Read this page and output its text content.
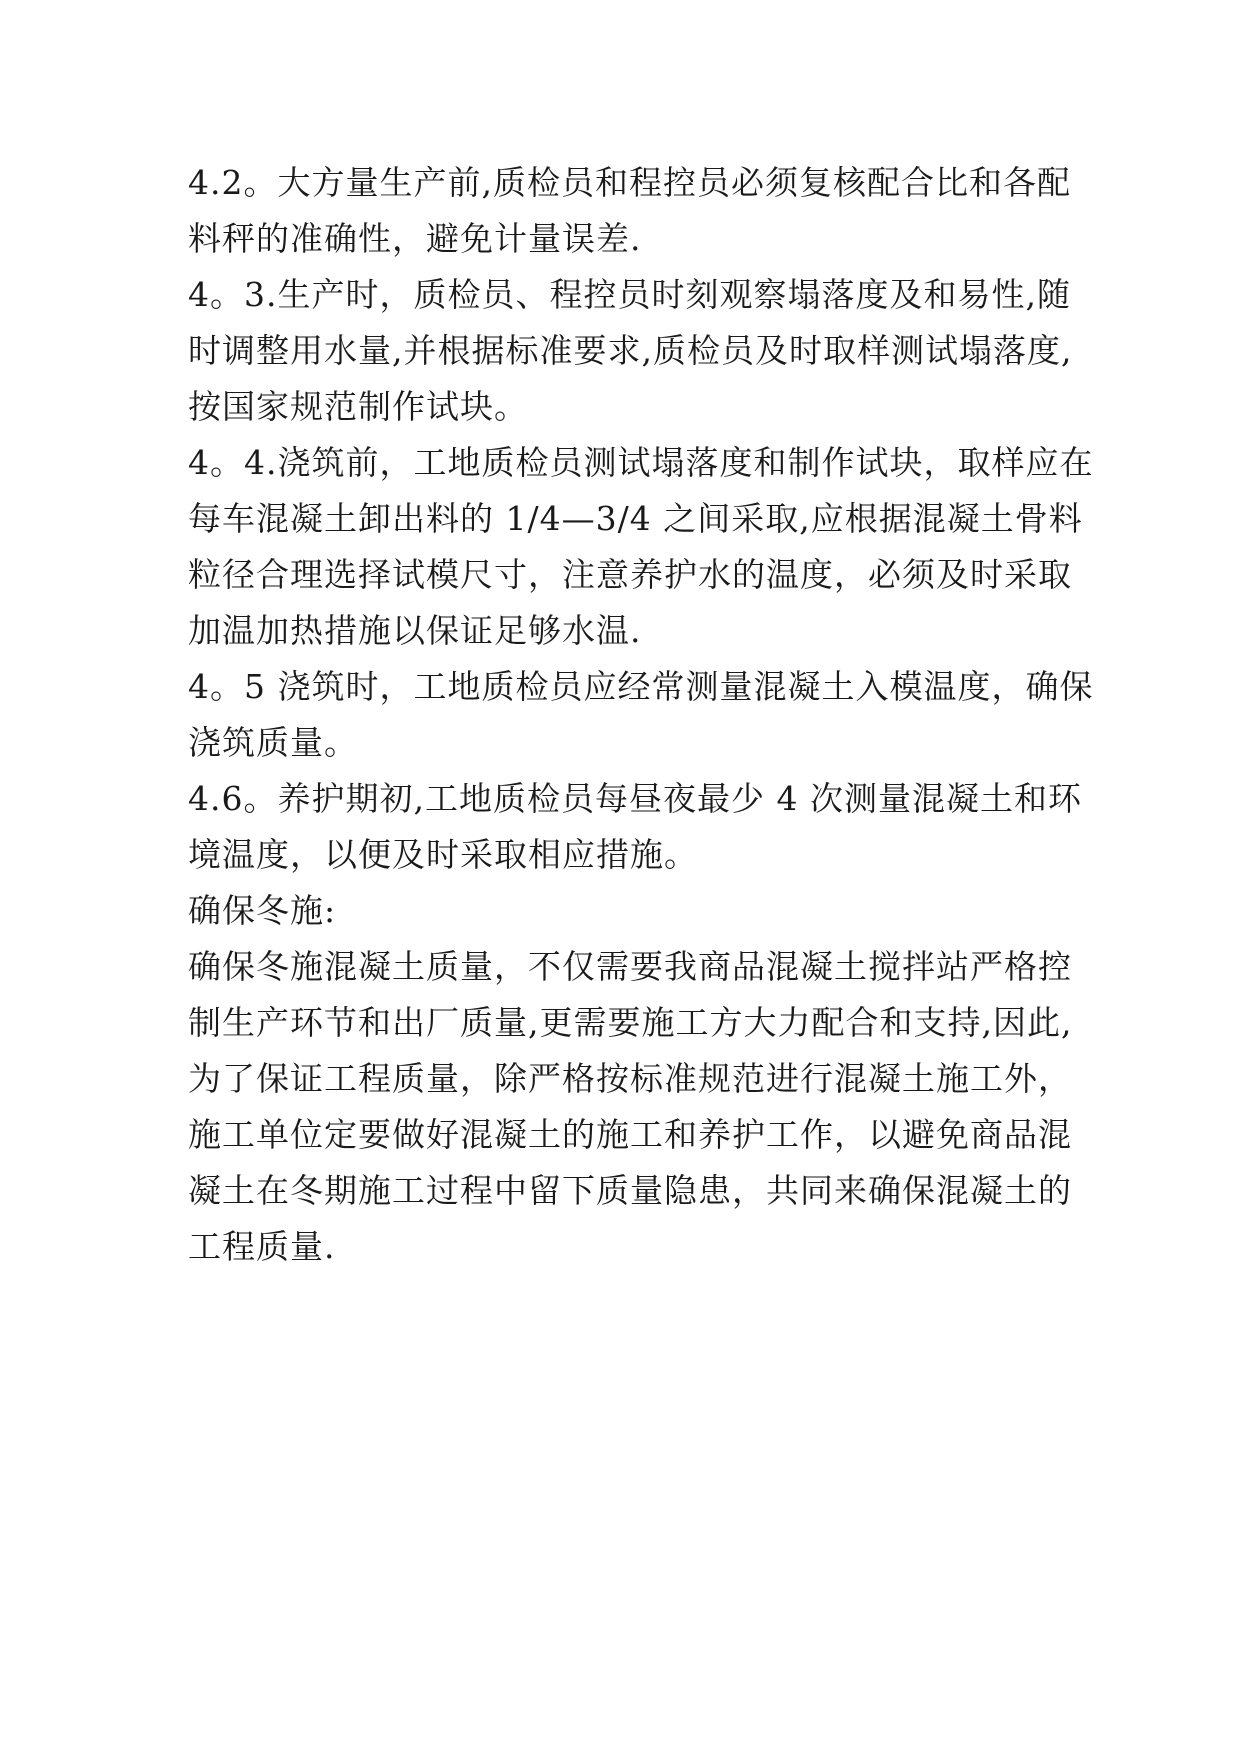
4.2。大方量生产前,质检员和程控员必须复核配合比和各配
料秤的准确性，避免计量误差.
4。3.生产时，质检员、程控员时刻观察塌落度及和易性,随
时调整用水量,并根据标准要求,质检员及时取样测试塌落度,
按国家规范制作试块。
4。4.浇筑前，工地质检员测试塌落度和制作试块，取样应在
每车混凝土卸出料的 1/4—3/4 之间采取,应根据混凝土骨料
粒径合理选择试模尺寸，注意养护水的温度，必须及时采取
加温加热措施以保证足够水温.
4。5 浇筑时，工地质检员应经常测量混凝土入模温度，确保
浇筑质量。
4.6。养护期初,工地质检员每昼夜最少 4 次测量混凝土和环
境温度，以便及时采取相应措施。
确保冬施:
确保冬施混凝土质量，不仅需要我商品混凝土搅拌站严格控
制生产环节和出厂质量,更需要施工方大力配合和支持,因此,
为了保证工程质量，除严格按标准规范进行混凝土施工外，
施工单位定要做好混凝土的施工和养护工作，以避免商品混
凝土在冬期施工过程中留下质量隐患，共同来确保混凝土的
工程质量.
